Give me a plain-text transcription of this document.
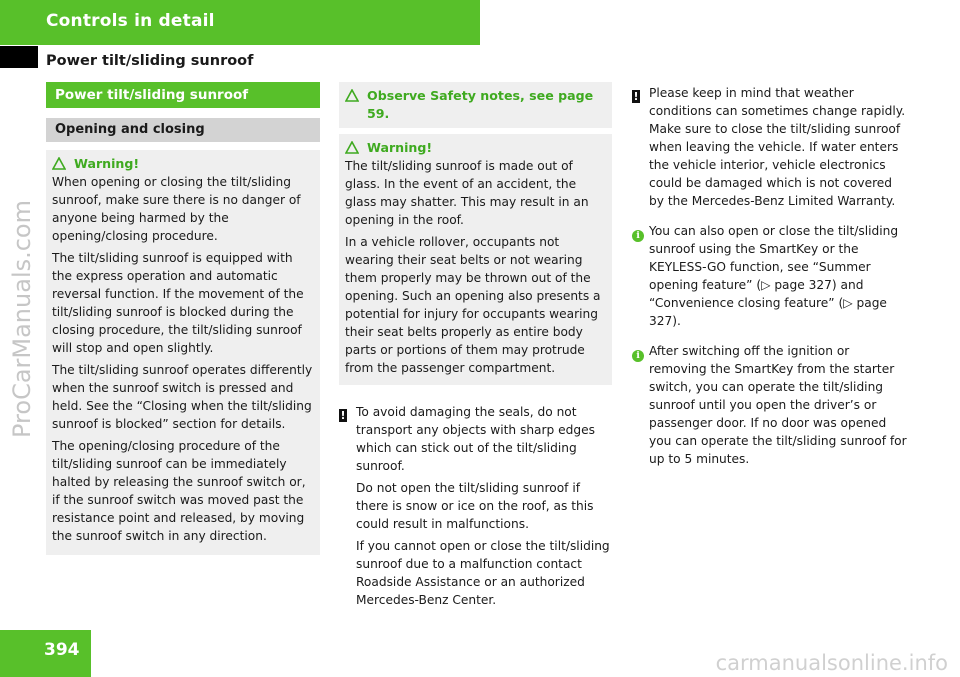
Controls in detail
Power tilt/sliding sunroof
ProCarManuals.com
Power tilt/sliding sunroof
Opening and closing
Warning!

When opening or closing the tilt/sliding sunroof, make sure there is no danger of anyone being harmed by the opening/closing procedure.

The tilt/sliding sunroof is equipped with the express operation and automatic reversal function. If the movement of the tilt/sliding sunroof is blocked during the closing procedure, the tilt/sliding sunroof will stop and open slightly.

The tilt/sliding sunroof operates differently when the sunroof switch is pressed and held. See the “Closing when the tilt/sliding sunroof is blocked” section for details.

The opening/closing procedure of the tilt/sliding sunroof can be immediately halted by releasing the sunroof switch or, if the sunroof switch was moved past the resistance point and released, by moving the sunroof switch in any direction.

Observe Safety notes, see page 59.
Warning!

The tilt/sliding sunroof is made out of glass. In the event of an accident, the glass may shatter. This may result in an opening in the roof.

In a vehicle rollover, occupants not wearing their seat belts or not wearing them properly may be thrown out of the opening. Such an opening also presents a potential for injury for occupants wearing their seat belts properly as entire body parts or portions of them may protrude from the passenger compartment.

! To avoid damaging the seals, do not transport any objects with sharp edges which can stick out of the tilt/sliding sunroof.

Do not open the tilt/sliding sunroof if there is snow or ice on the roof, as this could result in malfunctions.

If you cannot open or close the tilt/sliding sunroof due to a malfunction contact Roadside Assistance or an authorized Mercedes-Benz Center.

! Please keep in mind that weather conditions can sometimes change rapidly. Make sure to close the tilt/sliding sunroof when leaving the vehicle. If water enters the vehicle interior, vehicle electronics could be damaged which is not covered by the Mercedes-Benz Limited Warranty.

i You can also open or close the tilt/sliding sunroof using the SmartKey or the KEYLESS-GO function, see “Summer opening feature” (▷ page 327) and “Convenience closing feature” (▷ page 327).

i After switching off the ignition or removing the SmartKey from the starter switch, you can operate the tilt/sliding sunroof until you open the driver’s or passenger door. If no door was opened you can operate the tilt/sliding sunroof for up to 5 minutes.

394
carmanualsonline.info
